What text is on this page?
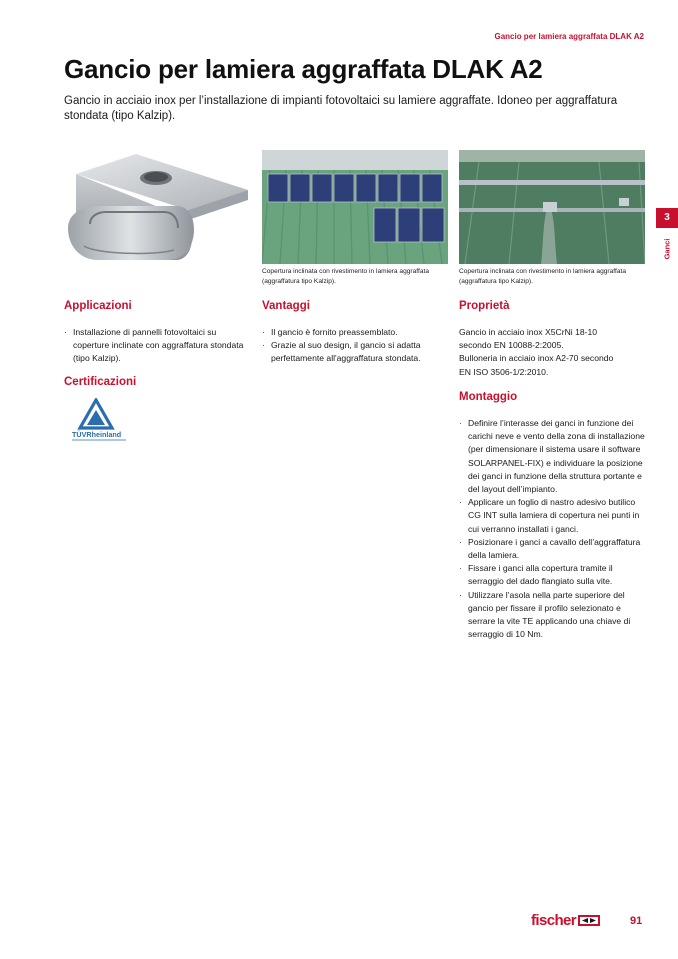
Gancio per lamiera aggraffata DLAK A2
Gancio per lamiera aggraffata DLAK A2

Gancio in acciaio inox per l’installazione di impianti fotovoltaici su lamiere aggraffate. Idoneo per aggraffatura stondata (tipo Kalzip).

Copertura inclinata con rivestimento in lamiera aggraffata (aggraffatura tipo Kalzip).

Copertura inclinata con rivestimento in lamiera aggraffata (aggraffatura tipo Kalzip).

Applicazioni
· Installazione di pannelli fotovoltaici su coperture inclinate con aggraffatura stondata (tipo Kalzip).
Certificazioni
TÜVRheinland
Vantaggi
· Il gancio è fornito preassemblato.
· Grazie al suo design, il gancio si adatta perfettamente all'aggraffatura stondata.
Proprietà
Gancio in acciaio inox X5CrNi 18-10
secondo EN 10088-2:2005.
Bulloneria in acciaio inox A2-70 secondo
EN ISO 3506-1/2:2010.
Montaggio
· Definire l’interasse dei ganci in funzione dei carichi neve e vento della zona di installazione (per dimensionare il sistema usare il software SOLARPANEL-FIX) e individuare la posizione dei ganci in funzione della struttura portante e del layout dell’impianto.
· Applicare un foglio di nastro adesivo butilico CG INT sulla lamiera di copertura nei punti in cui verranno installati i ganci.
· Posizionare i ganci a cavallo dell’aggraffatura della lamiera.
· Fissare i ganci alla copertura tramite il serraggio del dado flangiato sulla vite.
· Utilizzare l’asola nella parte superiore del gancio per fissare il profilo selezionato e serrare la vite TE applicando una chiave di serraggio di 10 Nm.
3
Ganci
fischer	91
